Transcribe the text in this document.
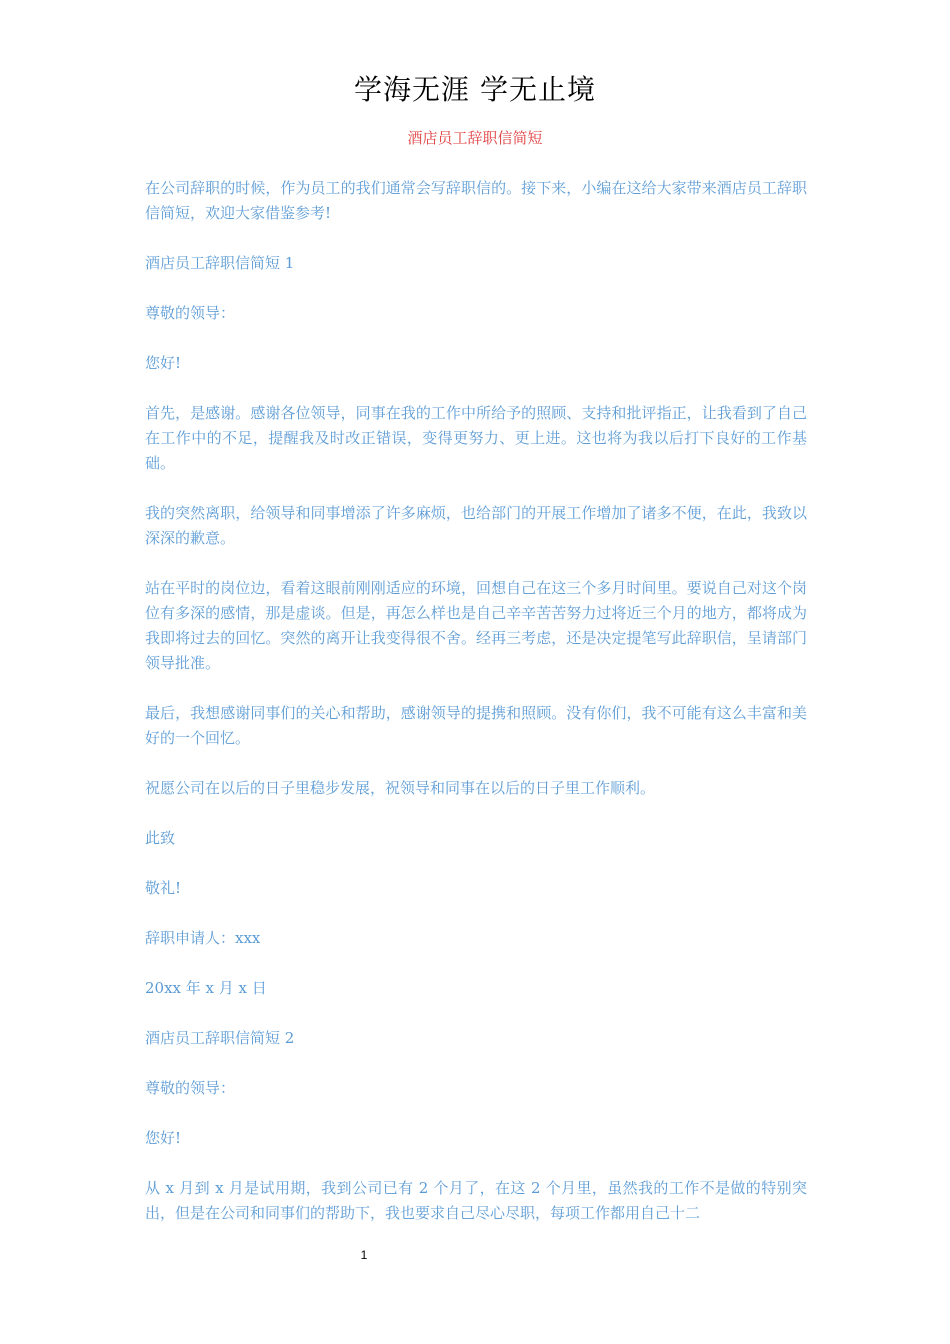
学海无涯 学无止境
酒店员工辞职信简短

在公司辞职的时候，作为员工的我们通常会写辞职信的。接下来，小编在这给大家带来酒店员工辞职信简短，欢迎大家借鉴参考!

酒店员工辞职信简短 1

尊敬的领导：

您好!

首先，是感谢。感谢各位领导，同事在我的工作中所给予的照顾、支持和批评指正，让我看到了自己在工作中的不足，提醒我及时改正错误，变得更努力、更上进。这也将为我以后打下良好的工作基础。

我的突然离职，给领导和同事增添了许多麻烦，也给部门的开展工作增加了诸多不便，在此，我致以深深的歉意。

站在平时的岗位边，看着这眼前刚刚适应的环境，回想自己在这三个多月时间里。要说自己对这个岗位有多深的感情，那是虚谈。但是，再怎么样也是自己辛辛苦苦努力过将近三个月的地方，都将成为我即将过去的回忆。突然的离开让我变得很不舍。经再三考虑，还是决定提笔写此辞职信，呈请部门领导批准。

最后，我想感谢同事们的关心和帮助，感谢领导的提携和照顾。没有你们，我不可能有这么丰富和美好的一个回忆。

祝愿公司在以后的日子里稳步发展，祝领导和同事在以后的日子里工作顺利。

此致

敬礼!

辞职申请人：xxx

20xx 年 x 月 x 日

酒店员工辞职信简短 2

尊敬的领导：

您好!

从 x 月到 x 月是试用期，我到公司已有 2 个月了，在这 2 个月里，虽然我的工作不是做的特别突出，但是在公司和同事们的帮助下，我也要求自己尽心尽职，每项工作都用自己十二

1
